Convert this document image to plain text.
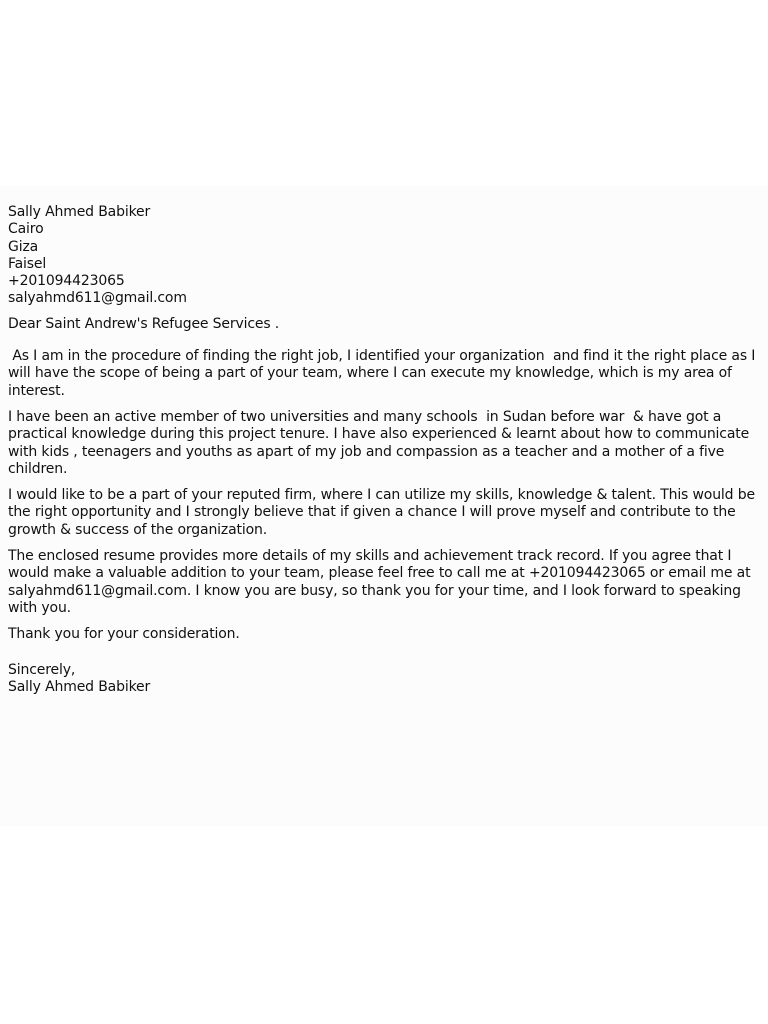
Sally Ahmed Babiker
Cairo
Giza
Faisel
+201094423065
salyahmd611@gmail.com
Dear Saint Andrew's Refugee Services .

As I am in the procedure of finding the right job, I identified your organization  and find it the right place as I will have the scope of being a part of your team, where I can execute my knowledge, which is my area of interest.

I have been an active member of two universities and many schools  in Sudan before war  & have got a practical knowledge during this project tenure. I have also experienced & learnt about how to communicate with kids , teenagers and youths as apart of my job and compassion as a teacher and a mother of a five children.

I would like to be a part of your reputed firm, where I can utilize my skills, knowledge & talent. This would be the right opportunity and I strongly believe that if given a chance I will prove myself and contribute to the growth & success of the organization.

The enclosed resume provides more details of my skills and achievement track record. If you agree that I would make a valuable addition to your team, please feel free to call me at +201094423065 or email me at salyahmd611@gmail.com. I know you are busy, so thank you for your time, and I look forward to speaking with you.

Thank you for your consideration.

Sincerely,
Sally Ahmed Babiker
